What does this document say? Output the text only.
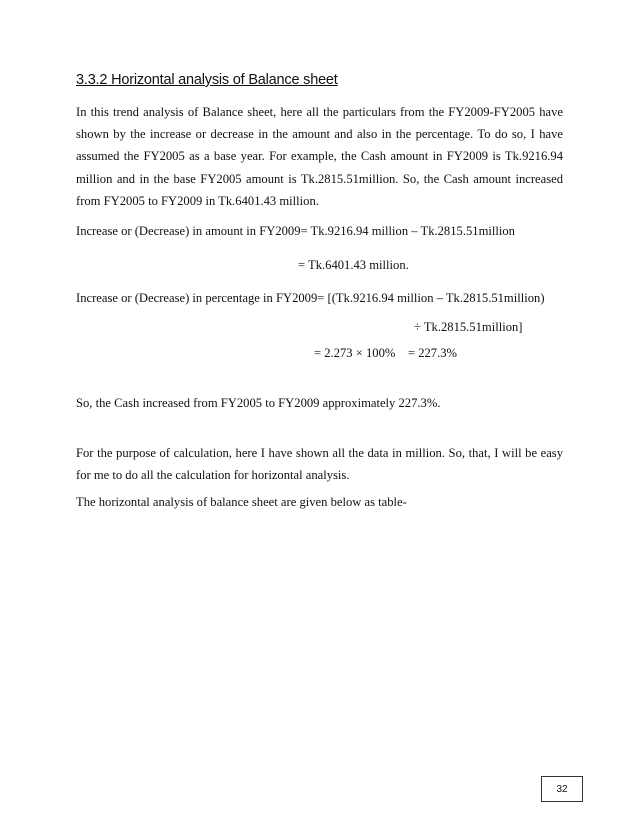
3.3.2 Horizontal analysis of Balance sheet
In this trend analysis of Balance sheet, here all the particulars from the FY2009-FY2005 have shown by the increase or decrease in the amount and also in the percentage. To do so, I have assumed the FY2005 as a base year. For example, the Cash amount in FY2009 is Tk.9216.94 million and in the base FY2005 amount is Tk.2815.51million. So, the Cash amount increased from FY2005 to FY2009 in Tk.6401.43 million.
Increase or (Decrease) in amount in FY2009= Tk.9216.94 million – Tk.2815.51million
= Tk.6401.43 million.
Increase or (Decrease) in percentage in FY2009= [(Tk.9216.94 million – Tk.2815.51million)
÷ Tk.2815.51million]
= 2.273 × 100%    = 227.3%
So, the Cash increased from FY2005 to FY2009 approximately 227.3%.
For the purpose of calculation, here I have shown all the data in million. So, that, I will be easy for me to do all the calculation for horizontal analysis.
The horizontal analysis of balance sheet are given below as table-
32
